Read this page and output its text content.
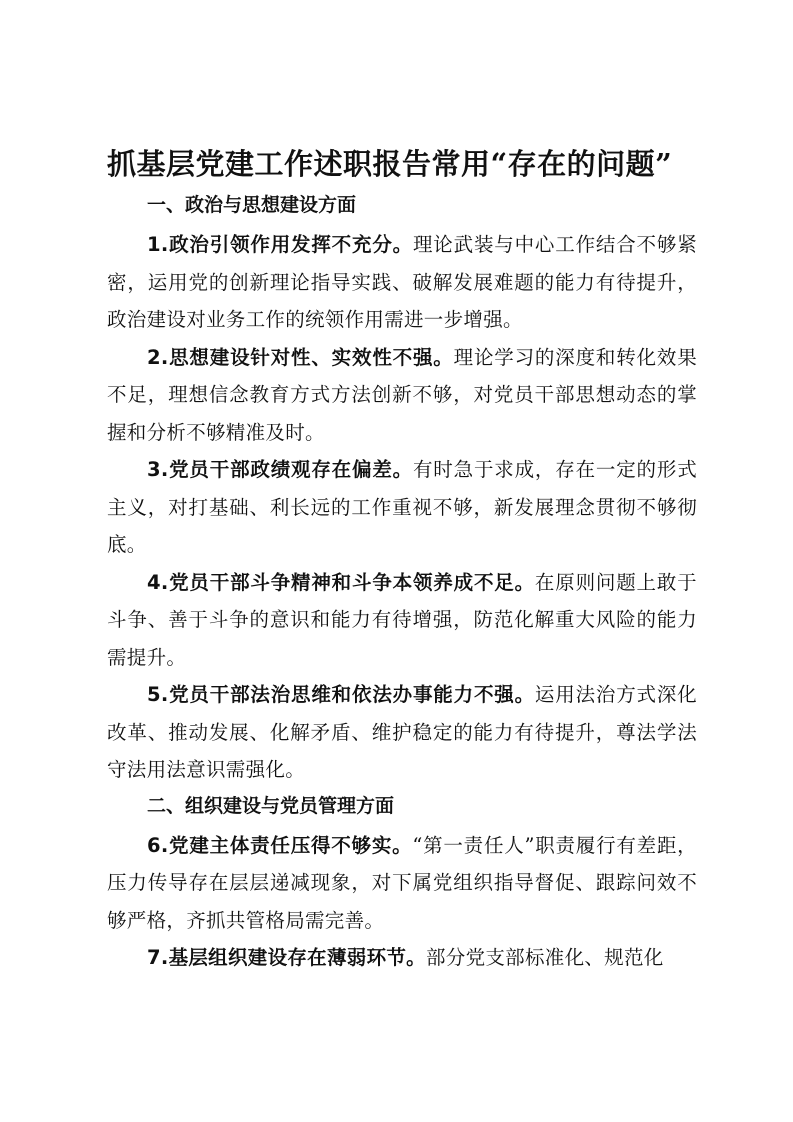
抓基层党建工作述职报告常用“存在的问题”
一、政治与思想建设方面

1.政治引领作用发挥不充分。理论武装与中心工作结合不够紧密，运用党的创新理论指导实践、破解发展难题的能力有待提升，政治建设对业务工作的统领作用需进一步增强。

2.思想建设针对性、实效性不强。理论学习的深度和转化效果不足，理想信念教育方式方法创新不够，对党员干部思想动态的掌握和分析不够精准及时。

3.党员干部政绩观存在偏差。有时急于求成，存在一定的形式主义，对打基础、利长远的工作重视不够，新发展理念贯彻不够彻底。

4.党员干部斗争精神和斗争本领养成不足。在原则问题上敢于斗争、善于斗争的意识和能力有待增强，防范化解重大风险的能力需提升。

5.党员干部法治思维和依法办事能力不强。运用法治方式深化改革、推动发展、化解矛盾、维护稳定的能力有待提升，尊法学法守法用法意识需强化。

二、组织建设与党员管理方面

6.党建主体责任压得不够实。“第一责任人”职责履行有差距，压力传导存在层层递减现象，对下属党组织指导督促、跟踪问效不够严格，齐抓共管格局需完善。

7.基层组织建设存在薄弱环节。部分党支部标准化、规范化
